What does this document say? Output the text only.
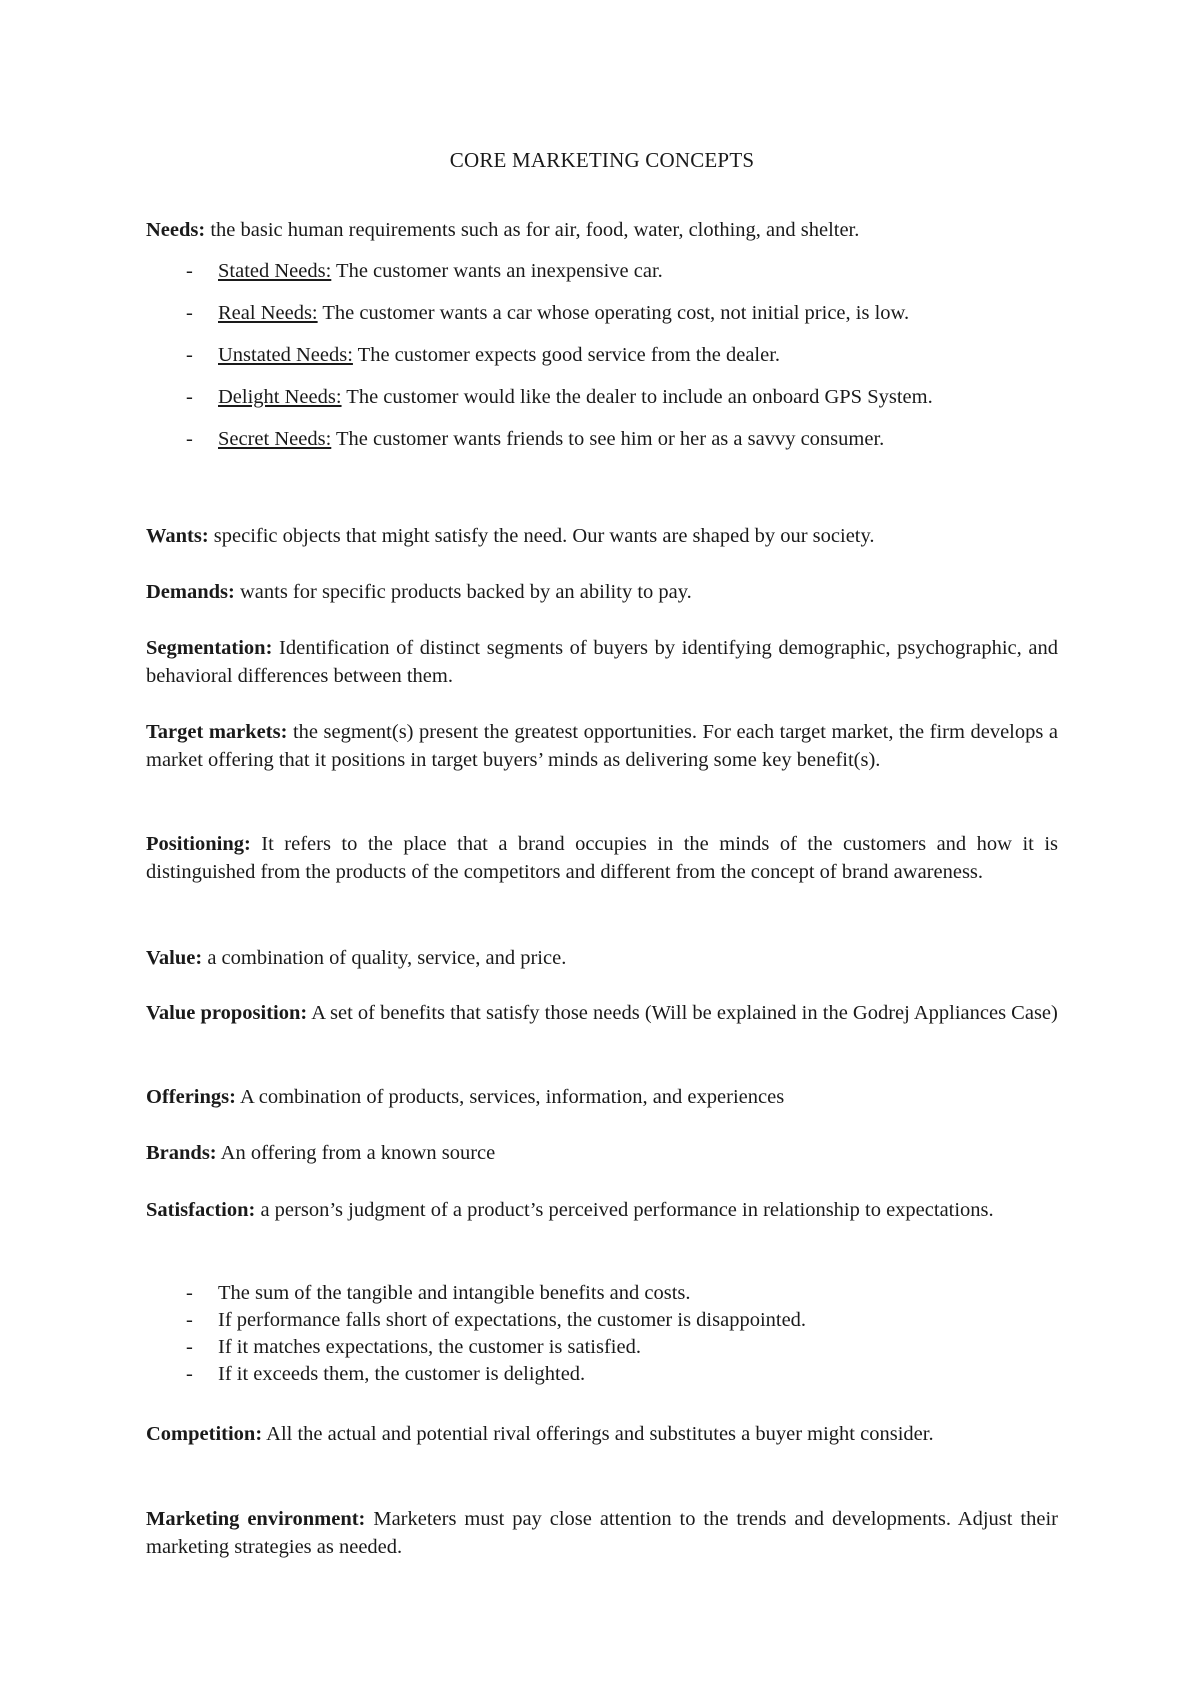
CORE MARKETING CONCEPTS

Needs: the basic human requirements such as for air, food, water, clothing, and shelter.

- Stated Needs: The customer wants an inexpensive car.
- Real Needs: The customer wants a car whose operating cost, not initial price, is low.
- Unstated Needs: The customer expects good service from the dealer.
- Delight Needs: The customer would like the dealer to include an onboard GPS System.
- Secret Needs: The customer wants friends to see him or her as a savvy consumer.

Wants: specific objects that might satisfy the need. Our wants are shaped by our society.

Demands: wants for specific products backed by an ability to pay.

Segmentation: Identification of distinct segments of buyers by identifying demographic, psychographic, and behavioral differences between them.

Target markets: the segment(s) present the greatest opportunities. For each target market, the firm develops a market offering that it positions in target buyers’ minds as delivering some key benefit(s).

Positioning: It refers to the place that a brand occupies in the minds of the customers and how it is distinguished from the products of the competitors and different from the concept of brand awareness.

Value: a combination of quality, service, and price.

Value proposition: A set of benefits that satisfy those needs (Will be explained in the Godrej Appliances Case)

Offerings: A combination of products, services, information, and experiences

Brands: An offering from a known source

Satisfaction: a person’s judgment of a product’s perceived performance in relationship to expectations.

- The sum of the tangible and intangible benefits and costs.
- If performance falls short of expectations, the customer is disappointed.
- If it matches expectations, the customer is satisfied.
- If it exceeds them, the customer is delighted.

Competition: All the actual and potential rival offerings and substitutes a buyer might consider.

Marketing environment: Marketers must pay close attention to the trends and developments. Adjust their marketing strategies as needed.
